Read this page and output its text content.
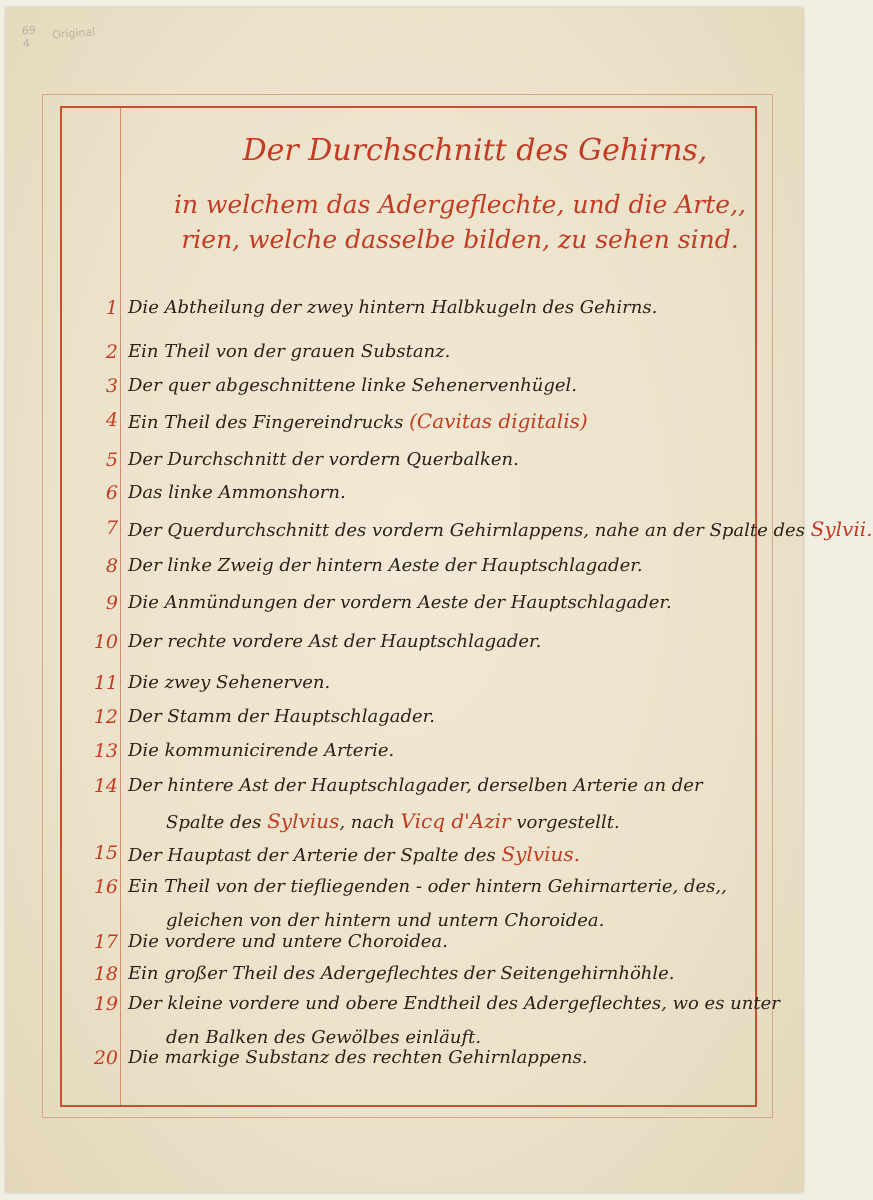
69
4
Original
Der Durchschnitt des Gehirns,
in welchem das Adergeflechte, und die Arte,,
rien, welche dasselbe bilden, zu sehen sind.
1 Die Abtheilung der zwey hintern Halbkugeln des Gehirns.
2 Ein Theil von der grauen Substanz.
3 Der quer abgeschnittene linke Sehenervenhügel.
4 Ein Theil des Fingereindrucks (Cavitas digitalis)
5 Der Durchschnitt der vordern Querbalken.
6 Das linke Ammonshorn.
7 Der Querdurchschnitt des vordern Gehirnlappens, nahe an der Spalte des Sylvii.
8 Der linke Zweig der hintern Aeste der Hauptschlagader.
9 Die Anmündungen der vordern Aeste der Hauptschlagader.
10 Der rechte vordere Ast der Hauptschlagader.
11 Die zwey Sehenerven.
12 Der Stamm der Hauptschlagader.
13 Die kommunicirende Arterie.
14 Der hintere Ast der Hauptschlagader, derselben Arterie an der
Spalte des Sylvius, nach Vicq d'Azir vorgestellt.
15 Der Hauptast der Arterie der Spalte des Sylvius.
16 Ein Theil von der tiefliegenden - oder hintern Gehirnarterie, des,,
gleichen von der hintern und untern Choroidea.
17 Die vordere und untere Choroidea.
18 Ein großer Theil des Adergeflechtes der Seitengehirnhöhle.
19 Der kleine vordere und obere Endtheil des Adergeflechtes, wo es unter
den Balken des Gewölbes einläuft.
20 Die markige Substanz des rechten Gehirnlappens.
